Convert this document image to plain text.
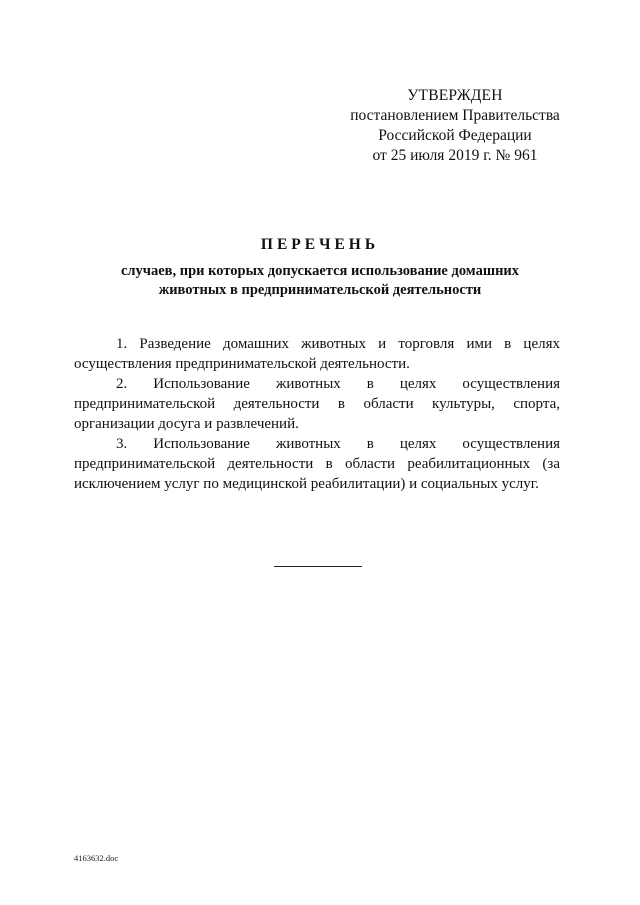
УТВЕРЖДЕН
постановлением Правительства
Российской Федерации
от 25 июля 2019 г. № 961
ПЕРЕЧЕНЬ
случаев, при которых допускается использование домашних
животных в предпринимательской деятельности

1. Разведение домашних животных и торговля ими в целях осуществления предпринимательской деятельности.

2. Использование животных в целях осуществления предпринимательской деятельности в области культуры, спорта, организации досуга и развлечений.

3. Использование животных в целях осуществления предпринимательской деятельности в области реабилитационных (за исключением услуг по медицинской реабилитации) и социальных услуг.

4163632.doc
